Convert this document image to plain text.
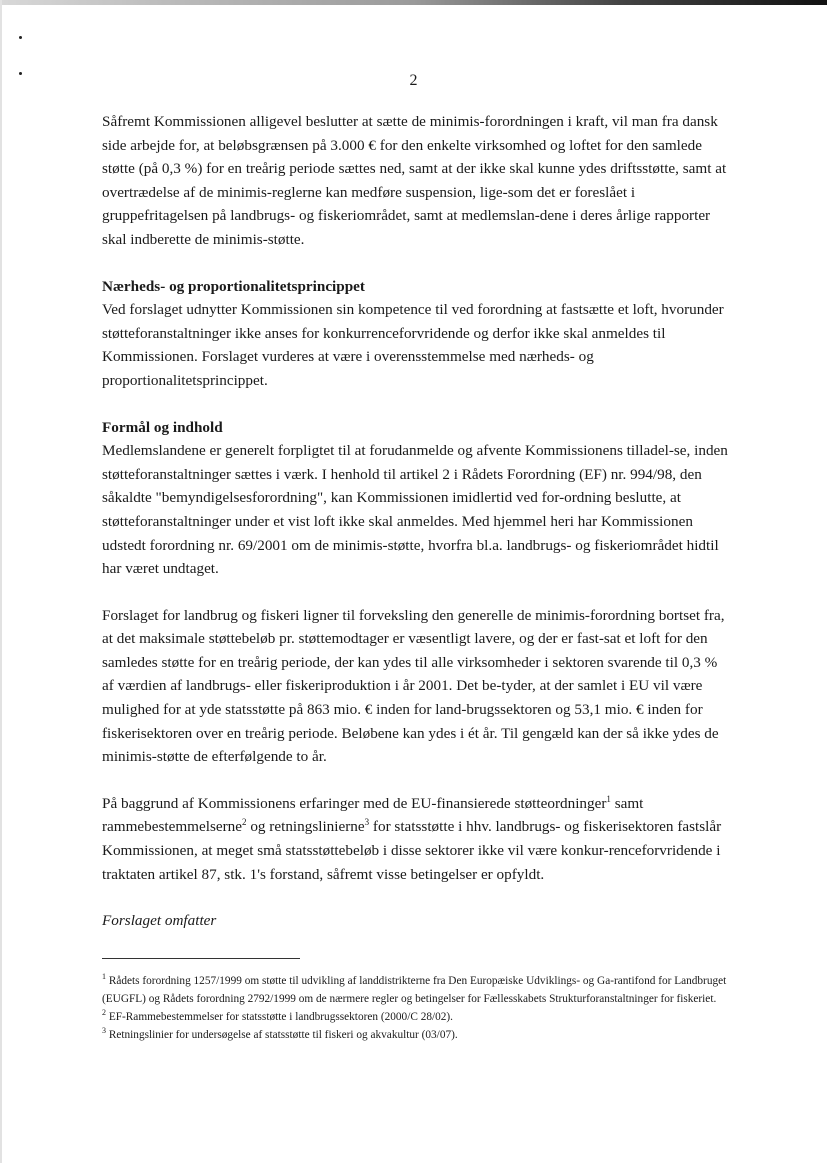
2

Såfremt Kommissionen alligevel beslutter at sætte de minimis-forordningen i kraft, vil man fra dansk side arbejde for, at beløbsgrænsen på 3.000 € for den enkelte virksomhed og loftet for den samlede støtte (på 0,3 %) for en treårig periode sættes ned, samt at der ikke skal kunne ydes driftsstøtte, samt at overtrædelse af de minimis-reglerne kan medføre suspension, lige-som det er foreslået i gruppefritagelsen på landbrugs- og fiskeriområdet, samt at medlemslan-dene i deres årlige rapporter skal indberette de minimis-støtte.

Nærheds- og proportionalitetsprincippet

Ved forslaget udnytter Kommissionen sin kompetence til ved forordning at fastsætte et loft, hvorunder støtteforanstaltninger ikke anses for konkurrenceforvridende og derfor ikke skal anmeldes til Kommissionen. Forslaget vurderes at være i overensstemmelse med nærheds- og proportionalitetsprincippet.

Formål og indhold

Medlemslandene er generelt forpligtet til at forudanmelde og afvente Kommissionens tilladel-se, inden støtteforanstaltninger sættes i værk. I henhold til artikel 2 i Rådets Forordning (EF) nr. 994/98, den såkaldte "bemyndigelsesforordning", kan Kommissionen imidlertid ved for-ordning beslutte, at støtteforanstaltninger under et vist loft ikke skal anmeldes. Med hjemmel heri har Kommissionen udstedt forordning nr. 69/2001 om de minimis-støtte, hvorfra bl.a. landbrugs- og fiskeriområdet hidtil har været undtaget.

Forslaget for landbrug og fiskeri ligner til forveksling den generelle de minimis-forordning bortset fra, at det maksimale støttebeløb pr. støttemodtager er væsentligt lavere, og der er fast-sat et loft for den samledes støtte for en treårig periode, der kan ydes til alle virksomheder i sektoren svarende til 0,3 % af værdien af landbrugs- eller fiskeriproduktion i år 2001. Det be-tyder, at der samlet i EU vil være mulighed for at yde statsstøtte på 863 mio. € inden for land-brugssektoren og 53,1 mio. € inden for fiskerisektoren over en treårig periode. Beløbene kan ydes i ét år. Til gengæld kan der så ikke ydes de minimis-støtte de efterfølgende to år.

På baggrund af Kommissionens erfaringer med de EU-finansierede støtteordninger$^1$ samt rammebestemmelserne$^2$ og retningslinierne$^3$ for statsstøtte i hhv. landbrugs- og fiskerisektoren fastslår Kommissionen, at meget små statsstøttebeløb i disse sektorer ikke vil være konkur-renceforvridende i traktaten artikel 87, stk. 1's forstand, såfremt visse betingelser er opfyldt.

Forslaget omfatter

$^1$ Rådets forordning 1257/1999 om støtte til udvikling af landdistrikterne fra Den Europæiske Udviklings- og Ga-rantifond for Landbruget (EUGFL) og Rådets forordning 2792/1999 om de nærmere regler og betingelser for Fællesskabets Strukturforanstaltninger for fiskeriet.

$^2$ EF-Rammebestemmelser for statsstøtte i landbrugssektoren (2000/C 28/02).

$^3$ Retningslinier for undersøgelse af statsstøtte til fiskeri og akvakultur (03/07).
